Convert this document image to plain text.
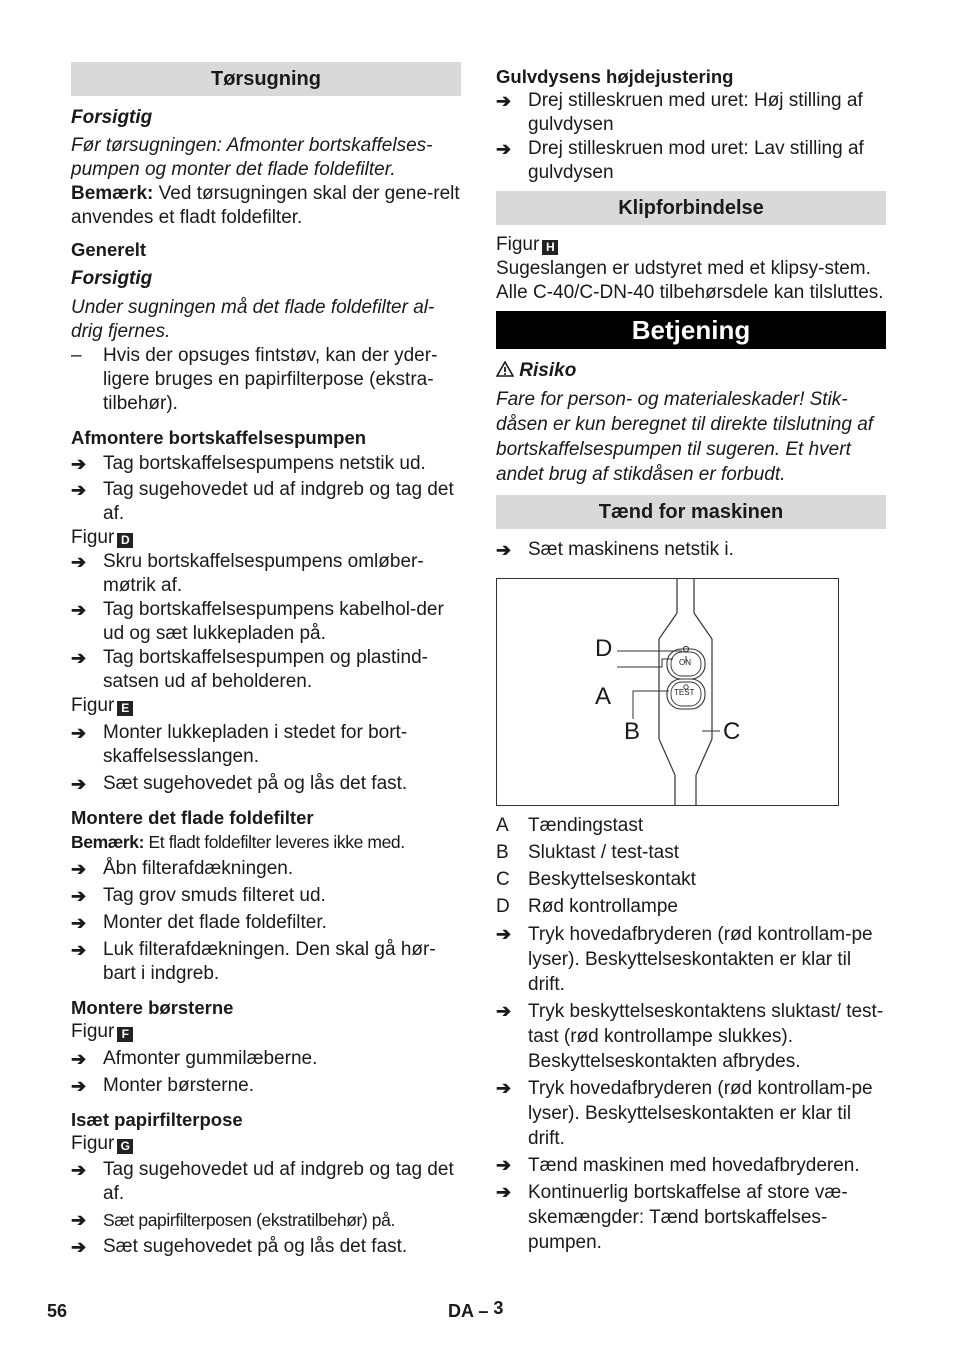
Tørsugning

Forsigtig

Før tørsugningen: Afmonter bortskaffelses-pumpen og monter det flade foldefilter.

Bemærk: Ved tørsugningen skal der gene-relt anvendes et fladt foldefilter.

Generelt

Forsigtig

Under sugningen må det flade foldefilter al-drig fjernes.

– Hvis der opsuges fintstøv, kan der yder-ligere bruges en papirfilterpose (ekstra-tilbehør).

Afmontere bortskaffelsespumpen

➔ Tag bortskaffelsespumpens netstik ud.
➔ Tag sugehovedet ud af indgreb og tag det af.

Figur D

➔ Skru bortskaffelsespumpens omløber-møtrik af.
➔ Tag bortskaffelsespumpens kabelhol-der ud og sæt lukkepladen på.
➔ Tag bortskaffelsespumpen og plastind-satsen ud af beholderen.

Figur E

➔ Monter lukkepladen i stedet for bort-skaffelsesslangen.
➔ Sæt sugehovedet på og lås det fast.

Montere det flade foldefilter

Bemærk: Et fladt foldefilter leveres ikke med.

➔ Åbn filterafdækningen.
➔ Tag grov smuds filteret ud.
➔ Monter det flade foldefilter.
➔ Luk filterafdækningen. Den skal gå hør-bart i indgreb.

Montere børsterne

Figur F

➔ Afmonter gummilæberne.
➔ Monter børsterne.

Isæt papirfilterpose

Figur G

➔ Tag sugehovedet ud af indgreb og tag det af.
➔ Sæt papirfilterposen (ekstratilbehør) på.
➔ Sæt sugehovedet på og lås det fast.

Gulvdysens højdejustering

➔ Drej stilleskruen med uret: Høj stilling af gulvdysen
➔ Drej stilleskruen mod uret: Lav stilling af gulvdysen
Klipforbindelse

Figur H

Sugeslangen er udstyret med et klipsy-stem. Alle C-40/C-DN-40 tilbehørsdele kan tilsluttes.

Betjening

Risiko

Fare for person- og materialeskader! Stik-dåsen er kun beregnet til direkte tilslutning af bortskaffelsespumpen til sugeren. Et hvert andet brug af stikdåsen er forbudt.

Tænd for maskinen
➔ Sæt maskinens netstik i.
D
A
B	C
ON
TEST
A Tændingstast
B Sluktast / test-tast
C Beskyttelseskontakt
D Rød kontrollampe
➔ Tryk hovedafbryderen (rød kontrollam-pe lyser). Beskyttelseskontakten er klar til drift.
➔ Tryk beskyttelseskontaktens sluktast/ test-tast (rød kontrollampe slukkes). Beskyttelseskontakten afbrydes.
➔ Tryk hovedafbryderen (rød kontrollam-pe lyser). Beskyttelseskontakten er klar til drift.
➔ Tænd maskinen med hovedafbryderen.
➔ Kontinuerlig bortskaffelse af store væ-skemængder: Tænd bortskaffelses-pumpen.
56	DA – 3
